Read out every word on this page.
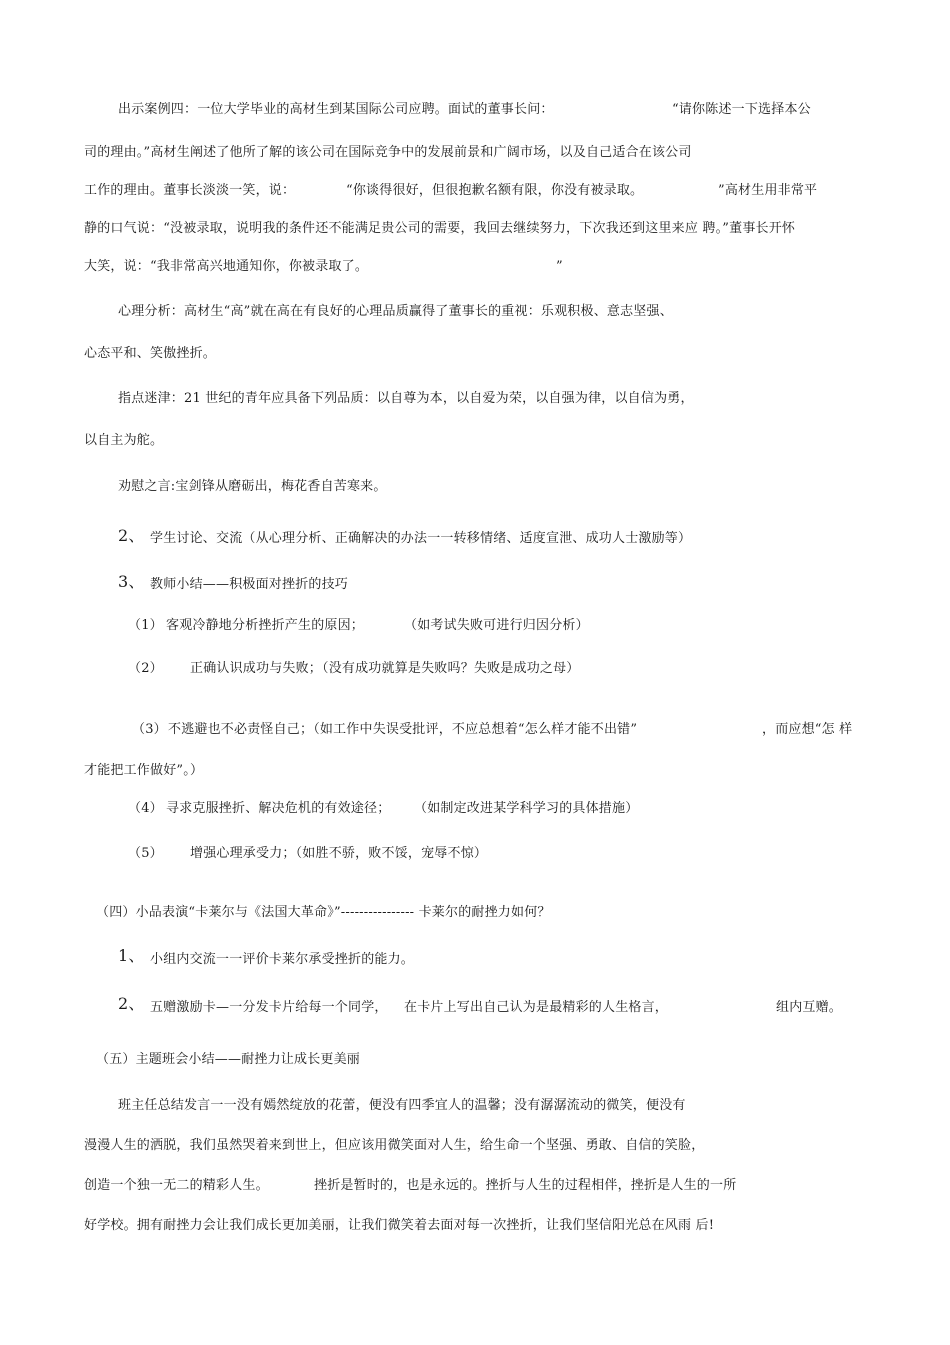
出示案例四：一位大学毕业的高材生到某国际公司应聘。面试的董事长问：	“请你陈述一下选择本公
司的理由。”高材生阐述了他所了解的该公司在国际竞争中的发展前景和广阔市场，以及自己适合在该公司
工作的理由。董事长淡淡一笑，说：	“你谈得很好，但很抱歉名额有限，你没有被录取。	”高材生用非常平
静的口气说：“没被录取，说明我的条件还不能满足贵公司的需要，我回去继续努力，下次我还到这里来应 聘。”董事长开怀
大笑，说：“我非常高兴地通知你，你被录取了。	”
心理分析：高材生“高”就在高在有良好的心理品质赢得了董事长的重视：乐观积极、意志坚强、
心态平和、笑傲挫折。
指点迷津：21 世纪的青年应具备下列品质：以自尊为本，以自爱为荣，以自强为律，以自信为勇，
以自主为舵。
劝慰之言:宝剑锋从磨砺出，梅花香自苦寒来。
2、 学生讨论、交流（从心理分析、正确解决的办法一一转移情绪、适度宣泄、成功人士激励等）
3、 教师小结——积极面对挫折的技巧
（1） 客观冷静地分析挫折产生的原因；	（如考试失败可进行归因分析）
（2） 正确认识成功与失败；（没有成功就算是失败吗？失败是成功之母）
（3） 不逃避也不必责怪自己；（如工作中失误受批评，不应总想着“怎么样才能不出错”	，而应想“怎 样
才能把工作做好”。）
（4） 寻求克服挫折、解决危机的有效途径； （如制定改进某学科学习的具体措施）
（5） 增强心理承受力；（如胜不骄，败不馁，宠辱不惊）
（四）小品表演“卡莱尔与《法国大革命》”---------------- 卡莱尔的耐挫力如何？
1、 小组内交流一一评价卡莱尔承受挫折的能力。
2、 五赠激励卡—一分发卡片给每一个同学， 在卡片上写出自己认为是最精彩的人生格言，	组内互赠。
（五）主题班会小结——耐挫力让成长更美丽
班主任总结发言一一没有嫣然绽放的花蕾，便没有四季宜人的温馨；没有潺潺流动的微笑，便没有
漫漫人生的洒脱，我们虽然哭着来到世上，但应该用微笑面对人生，给生命一个坚强、勇敢、自信的笑脸，
创造一个独一无二的精彩人生。	挫折是暂时的，也是永远的。挫折与人生的过程相伴，挫折是人生的一所
好学校。拥有耐挫力会让我们成长更加美丽，让我们微笑着去面对每一次挫折，让我们坚信阳光总在风雨 后!
